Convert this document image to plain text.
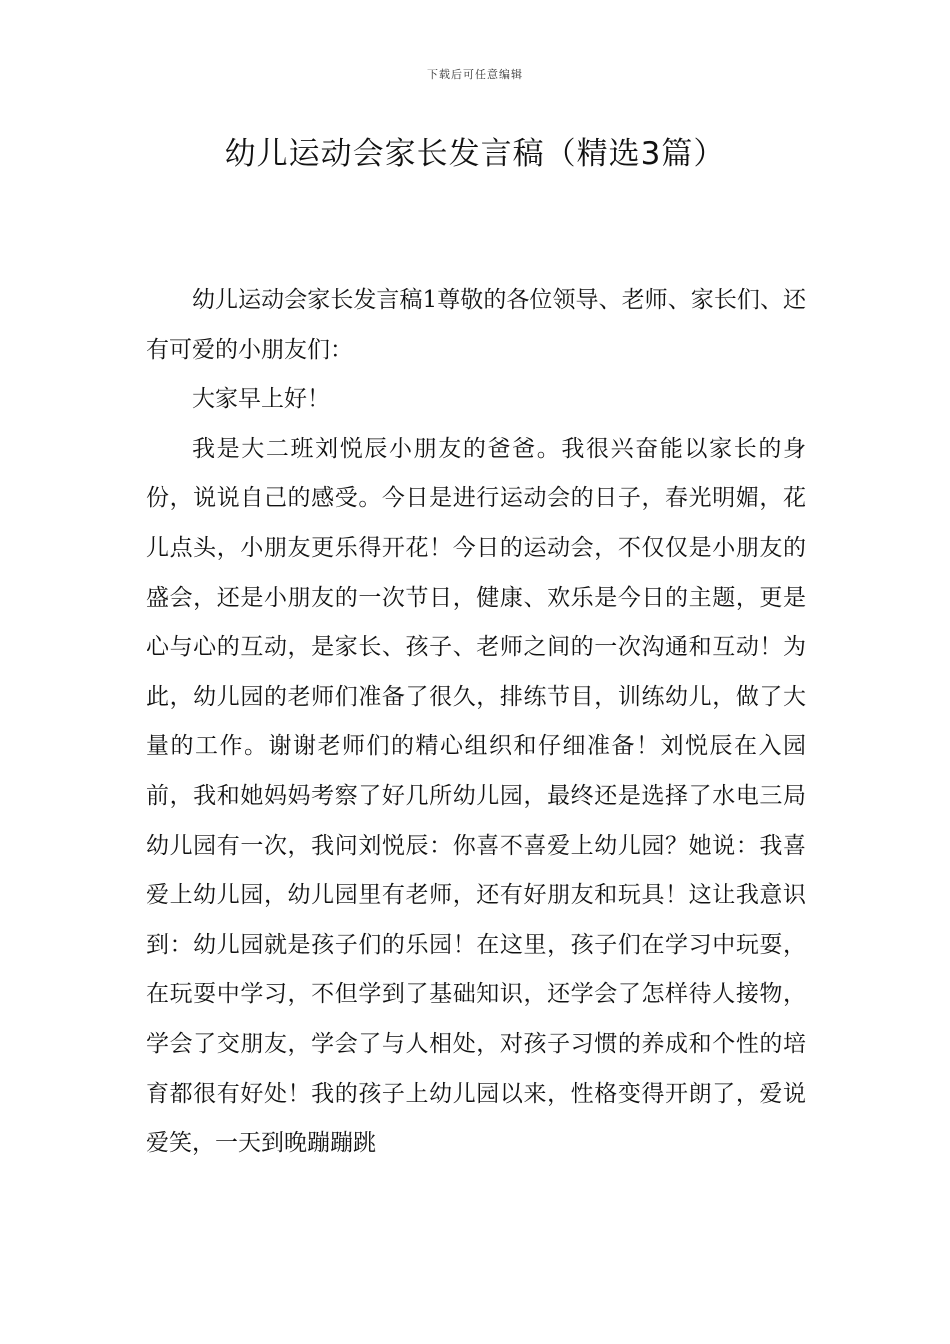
下载后可任意编辑
幼儿运动会家长发言稿（精选3篇）

幼儿运动会家长发言稿1尊敬的各位领导、老师、家长们、还有可爱的小朋友们：

大家早上好！

我是大二班刘悦辰小朋友的爸爸。我很兴奋能以家长的身份，说说自己的感受。今日是进行运动会的日子，春光明媚，花儿点头，小朋友更乐得开花！今日的运动会，不仅仅是小朋友的盛会，还是小朋友的一次节日，健康、欢乐是今日的主题，更是心与心的互动，是家长、孩子、老师之间的一次沟通和互动！为此，幼儿园的老师们准备了很久，排练节目，训练幼儿，做了大量的工作。谢谢老师们的精心组织和仔细准备！刘悦辰在入园前，我和她妈妈考察了好几所幼儿园，最终还是选择了水电三局幼儿园有一次，我问刘悦辰：你喜不喜爱上幼儿园？她说：我喜爱上幼儿园，幼儿园里有老师，还有好朋友和玩具！这让我意识到：幼儿园就是孩子们的乐园！在这里，孩子们在学习中玩耍，在玩耍中学习，不但学到了基础知识，还学会了怎样待人接物，学会了交朋友，学会了与人相处，对孩子习惯的养成和个性的培育都很有好处！我的孩子上幼儿园以来，性格变得开朗了，爱说爱笑，一天到晚蹦蹦跳
